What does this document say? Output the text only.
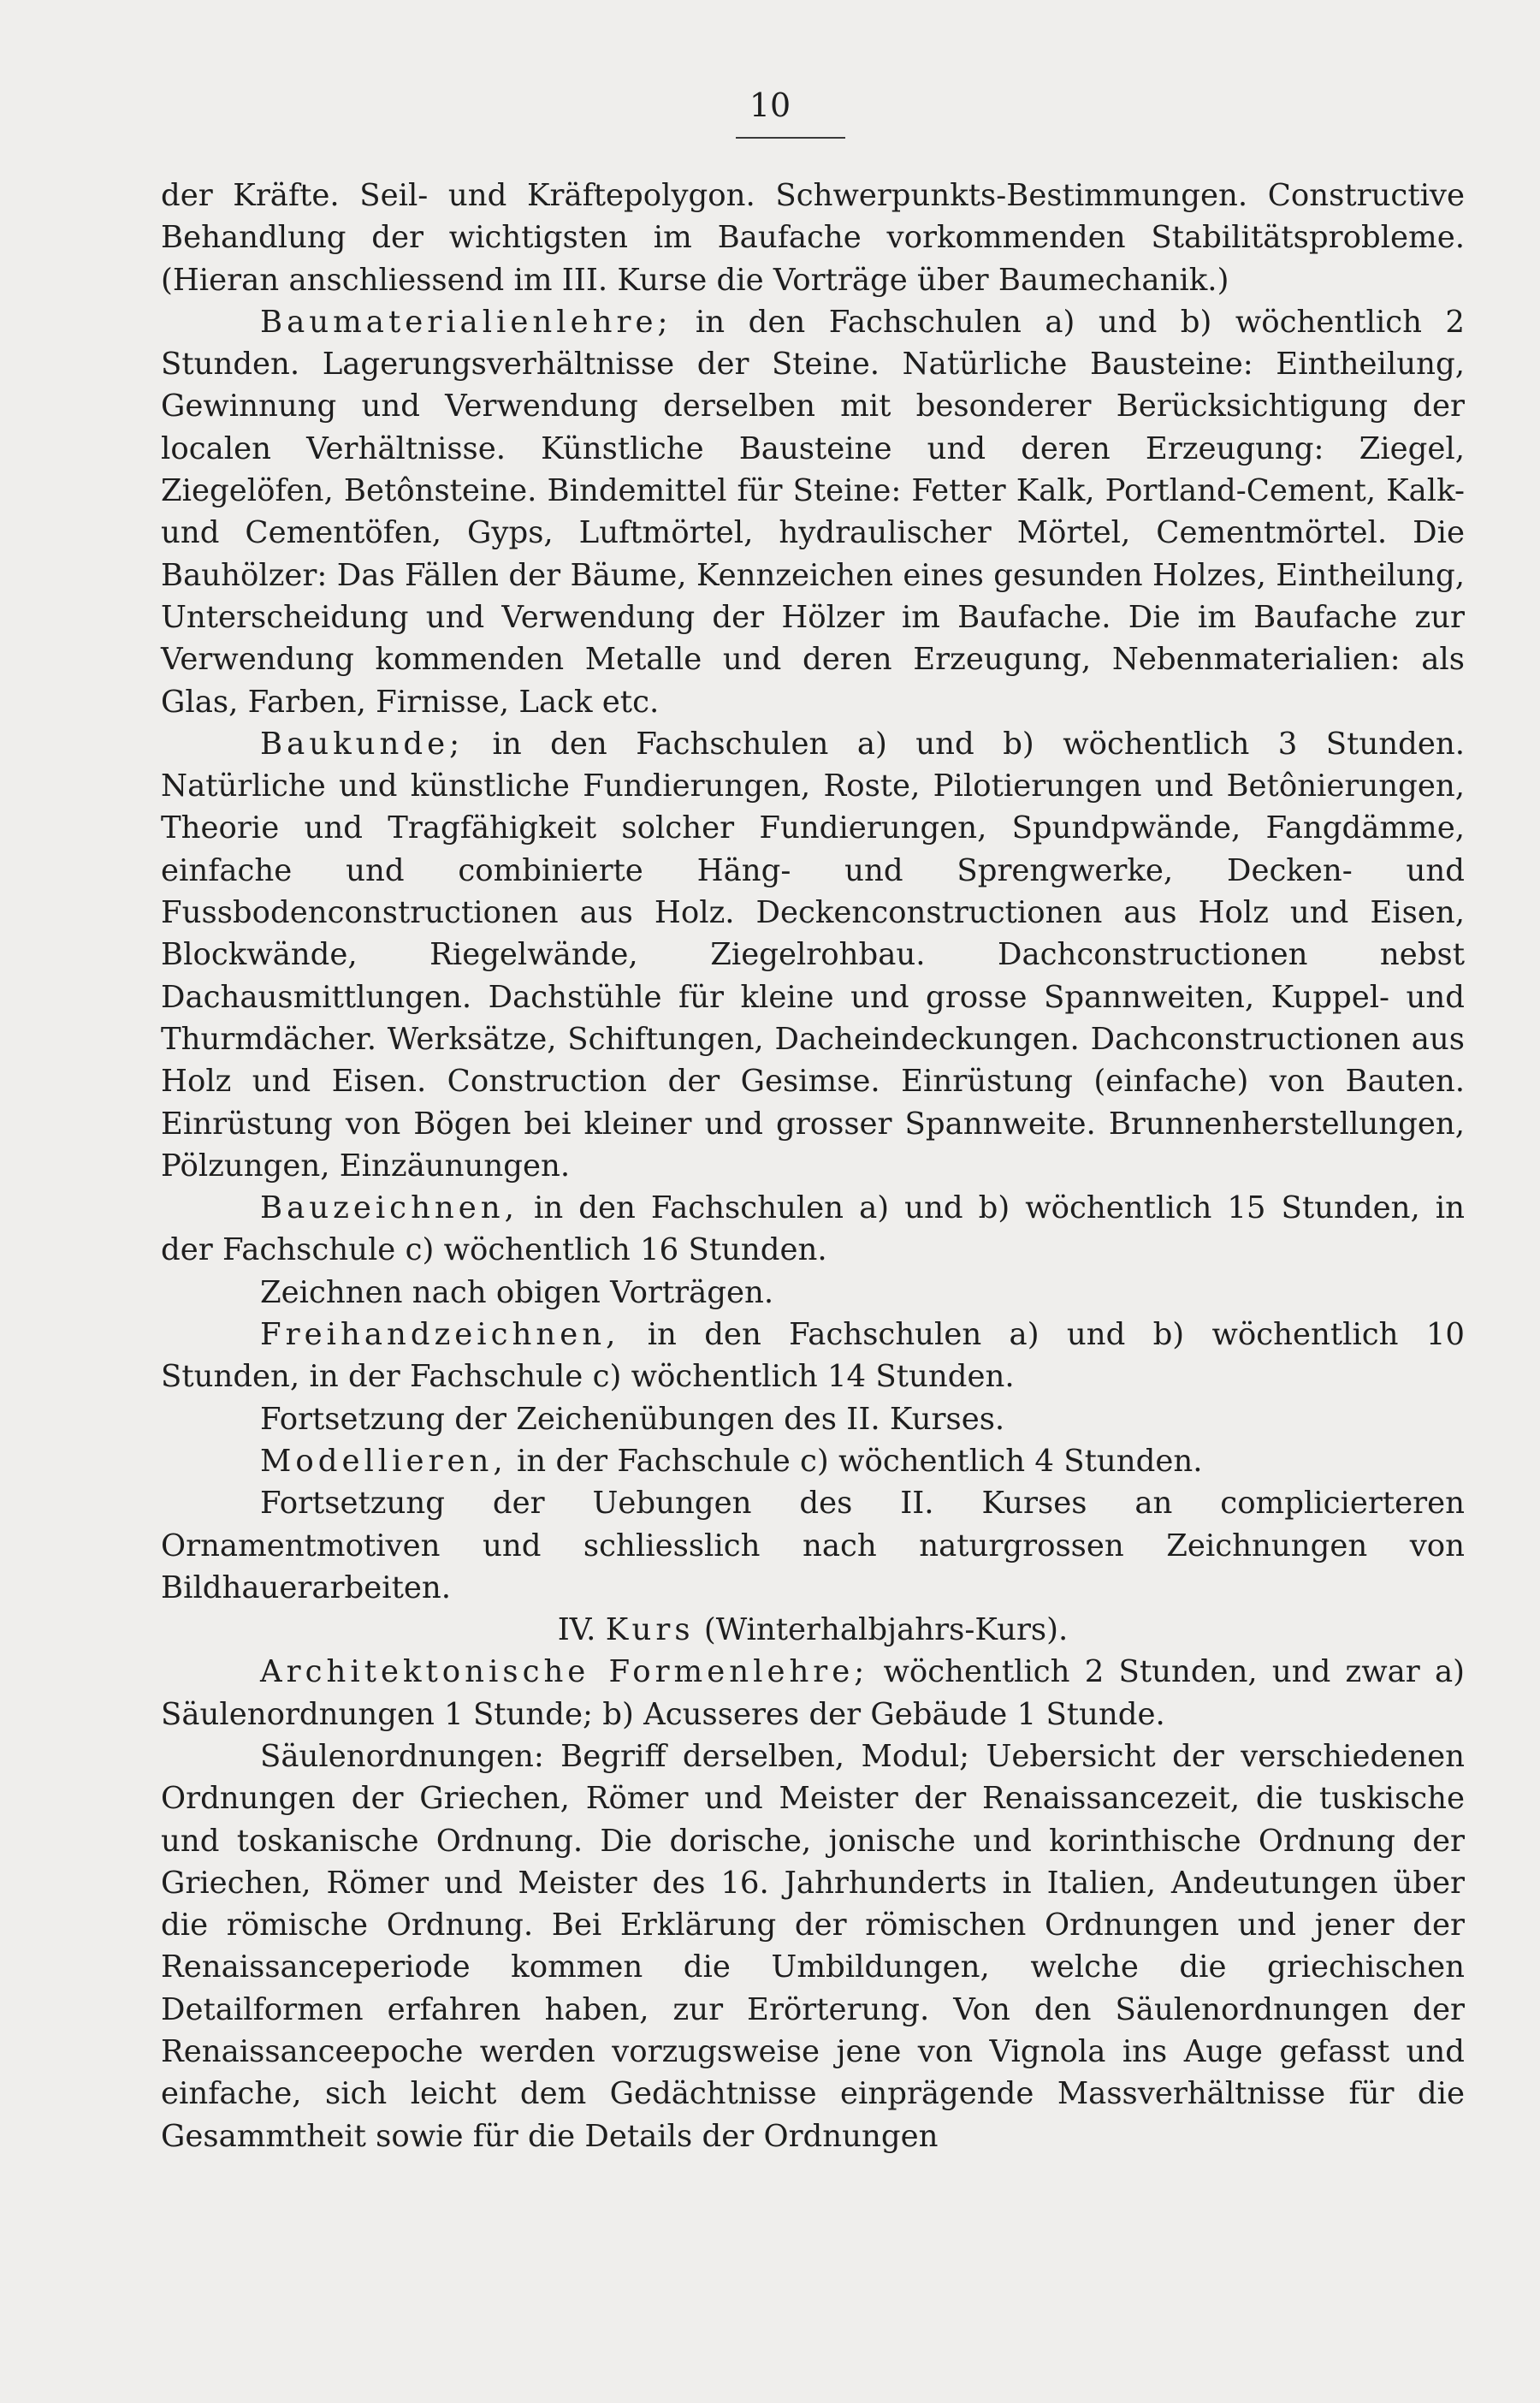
10

der Kräfte. Seil- und Kräftepolygon. Schwerpunkts-Bestimmungen. Constructive Behandlung der wichtigsten im Baufache vorkommenden Stabilitätsprobleme. (Hieran anschliessend im III. Kurse die Vorträge über Baumechanik.)

Baumaterialienlehre; in den Fachschulen a) und b) wöchentlich 2 Stunden. Lagerungsverhältnisse der Steine. Natürliche Bausteine: Eintheilung, Gewinnung und Verwendung derselben mit besonderer Berücksichtigung der localen Verhältnisse. Künstliche Bausteine und deren Erzeugung: Ziegel, Ziegelöfen, Betônsteine. Bindemittel für Steine: Fetter Kalk, Portland-Cement, Kalk- und Cementöfen, Gyps, Luftmörtel, hydraulischer Mörtel, Cementmörtel. Die Bauhölzer: Das Fällen der Bäume, Kennzeichen eines gesunden Holzes, Eintheilung, Unterscheidung und Verwendung der Hölzer im Baufache. Die im Baufache zur Verwendung kommenden Metalle und deren Erzeugung, Nebenmaterialien: als Glas, Farben, Firnisse, Lack etc.

Baukunde; in den Fachschulen a) und b) wöchentlich 3 Stunden. Natürliche und künstliche Fundierungen, Roste, Pilotierungen und Betônierungen, Theorie und Tragfähigkeit solcher Fundierungen, Spundpwände, Fangdämme, einfache und combinierte Häng- und Sprengwerke, Decken- und Fussbodenconstructionen aus Holz. Deckenconstructionen aus Holz und Eisen, Blockwände, Riegelwände, Ziegelrohbau. Dachconstructionen nebst Dachausmittlungen. Dachstühle für kleine und grosse Spannweiten, Kuppel- und Thurmdächer. Werksätze, Schiftungen, Dacheindeckungen. Dachconstructionen aus Holz und Eisen. Construction der Gesimse. Einrüstung (einfache) von Bauten. Einrüstung von Bögen bei kleiner und grosser Spannweite. Brunnenherstellungen, Pölzungen, Einzäunungen.

Bauzeichnen, in den Fachschulen a) und b) wöchentlich 15 Stunden, in der Fachschule c) wöchentlich 16 Stunden.

Zeichnen nach obigen Vorträgen.

Freihandzeichnen, in den Fachschulen a) und b) wöchentlich 10 Stunden, in der Fachschule c) wöchentlich 14 Stunden.

Fortsetzung der Zeichenübungen des II. Kurses.

Modellieren, in der Fachschule c) wöchentlich 4 Stunden.

Fortsetzung der Uebungen des II. Kurses an complicierteren Ornamentmotiven und schliesslich nach naturgrossen Zeichnungen von Bildhauerarbeiten.

IV. Kurs (Winterhalbjahrs-Kurs).

Architektonische Formenlehre; wöchentlich 2 Stunden, und zwar a) Säulenordnungen 1 Stunde; b) Acusseres der Gebäude 1 Stunde.

Säulenordnungen: Begriff derselben, Modul; Uebersicht der verschiedenen Ordnungen der Griechen, Römer und Meister der Renaissancezeit, die tuskische und toskanische Ordnung. Die dorische, jonische und korinthische Ordnung der Griechen, Römer und Meister des 16. Jahrhunderts in Italien, Andeutungen über die römische Ordnung. Bei Erklärung der römischen Ordnungen und jener der Renaissanceperiode kommen die Umbildungen, welche die griechischen Detailformen erfahren haben, zur Erörterung. Von den Säulenordnungen der Renaissanceepoche werden vorzugsweise jene von Vignola ins Auge gefasst und einfache, sich leicht dem Gedächtnisse einprägende Massverhältnisse für die Gesammtheit sowie für die Details der Ordnungen
